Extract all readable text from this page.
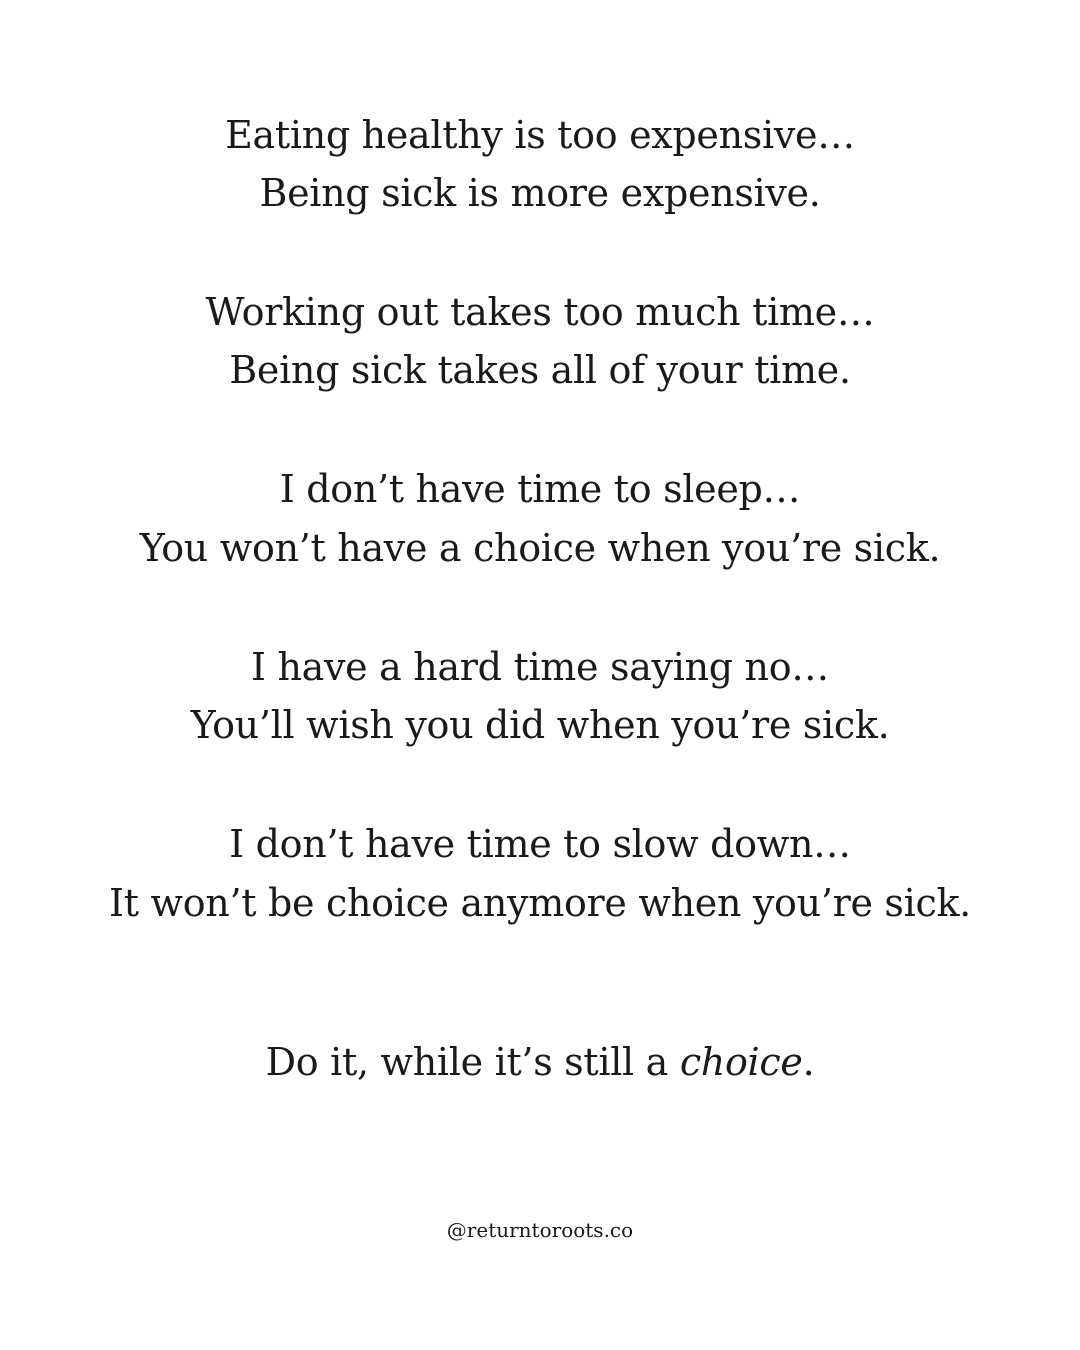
Eating healthy is too expensive…
Being sick is more expensive.
Working out takes too much time…
Being sick takes all of your time.
I don’t have time to sleep…
You won’t have a choice when you’re sick.
I have a hard time saying no…
You’ll wish you did when you’re sick.
I don’t have time to slow down…
It won’t be choice anymore when you’re sick.
Do it, while it’s still a choice.
@returntoroots.co
